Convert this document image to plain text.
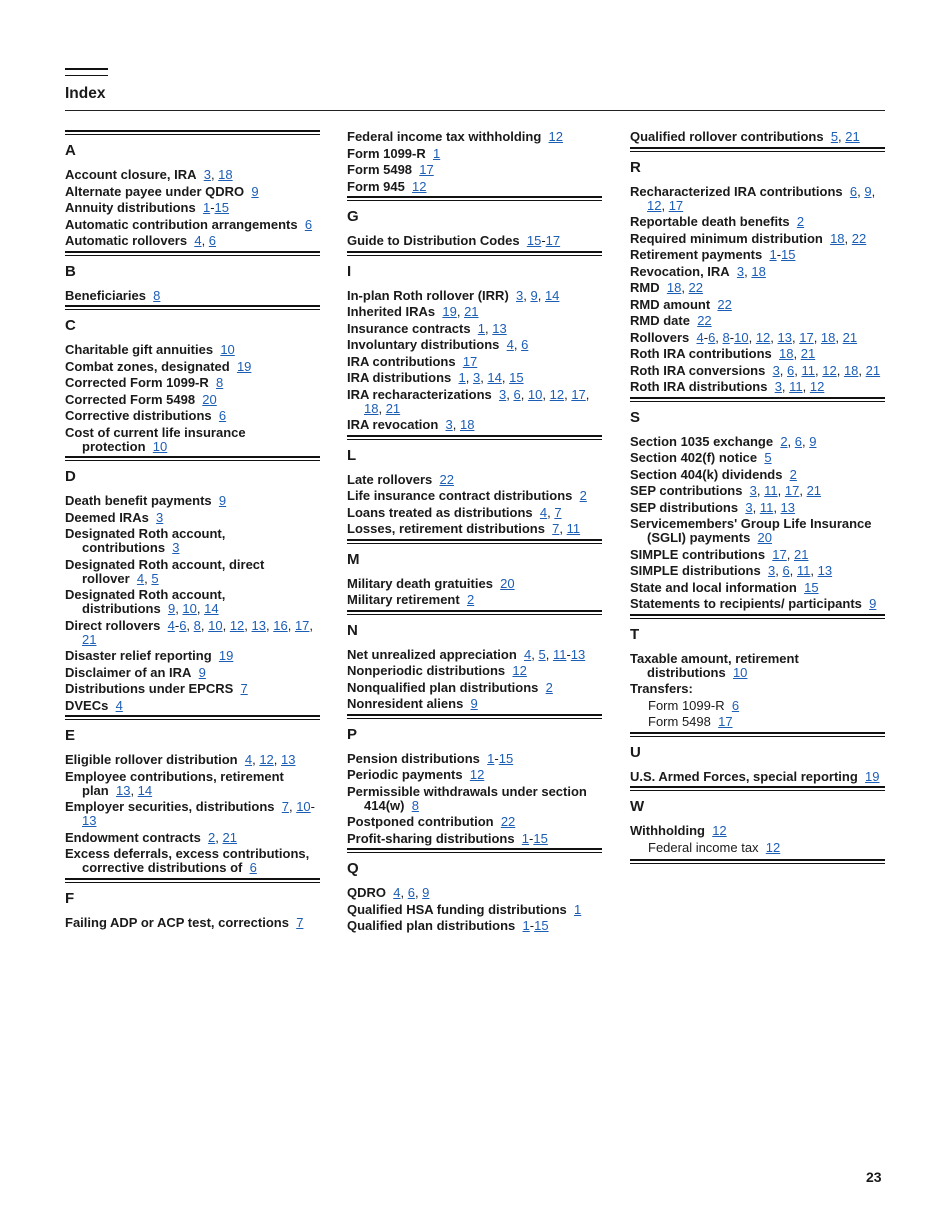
Index
A
Account closure, IRA 3, 18
Alternate payee under QDRO 9
Annuity distributions 1-15
Automatic contribution arrangements 6
Automatic rollovers 4, 6
B
Beneficiaries 8
C
Charitable gift annuities 10
Combat zones, designated 19
Corrected Form 1099-R 8
Corrected Form 5498 20
Corrective distributions 6
Cost of current life insurance protection 10
D
Death benefit payments 9
Deemed IRAs 3
Designated Roth account, contributions 3
Designated Roth account, direct rollover 4, 5
Designated Roth account, distributions 9, 10, 14
Direct rollovers 4-6, 8, 10, 12, 13, 16, 17, 21
Disaster relief reporting 19
Disclaimer of an IRA 9
Distributions under EPCRS 7
DVECs 4
E
Eligible rollover distribution 4, 12, 13
Employee contributions, retirement plan 13, 14
Employer securities, distributions 7, 10-13
Endowment contracts 2, 21
Excess deferrals, excess contributions, corrective distributions of 6
F
Failing ADP or ACP test, corrections 7
Federal income tax withholding 12
Form 1099-R 1
Form 5498 17
Form 945 12
G
Guide to Distribution Codes 15-17
I
In-plan Roth rollover (IRR) 3, 9, 14
Inherited IRAs 19, 21
Insurance contracts 1, 13
Involuntary distributions 4, 6
IRA contributions 17
IRA distributions 1, 3, 14, 15
IRA recharacterizations 3, 6, 10, 12, 17, 18, 21
IRA revocation 3, 18
L
Late rollovers 22
Life insurance contract distributions 2
Loans treated as distributions 4, 7
Losses, retirement distributions 7, 11
M
Military death gratuities 20
Military retirement 2
N
Net unrealized appreciation 4, 5, 11-13
Nonperiodic distributions 12
Nonqualified plan distributions 2
Nonresident aliens 9
P
Pension distributions 1-15
Periodic payments 12
Permissible withdrawals under section 414(w) 8
Postponed contribution 22
Profit-sharing distributions 1-15
Q
QDRO 4, 6, 9
Qualified HSA funding distributions 1
Qualified plan distributions 1-15
Qualified rollover contributions 5, 21
R
Recharacterized IRA contributions 6, 9, 12, 17
Reportable death benefits 2
Required minimum distribution 18, 22
Retirement payments 1-15
Revocation, IRA 3, 18
RMD 18, 22
RMD amount 22
RMD date 22
Rollovers 4-6, 8-10, 12, 13, 17, 18, 21
Roth IRA contributions 18, 21
Roth IRA conversions 3, 6, 11, 12, 18, 21
Roth IRA distributions 3, 11, 12
S
Section 1035 exchange 2, 6, 9
Section 402(f) notice 5
Section 404(k) dividends 2
SEP contributions 3, 11, 17, 21
SEP distributions 3, 11, 13
Servicemembers' Group Life Insurance (SGLI) payments 20
SIMPLE contributions 17, 21
SIMPLE distributions 3, 6, 11, 13
State and local information 15
Statements to recipients/ participants 9
T
Taxable amount, retirement distributions 10
Transfers:
Form 1099-R 6
Form 5498 17
U
U.S. Armed Forces, special reporting 19
W
Withholding 12
Federal income tax 12

23
